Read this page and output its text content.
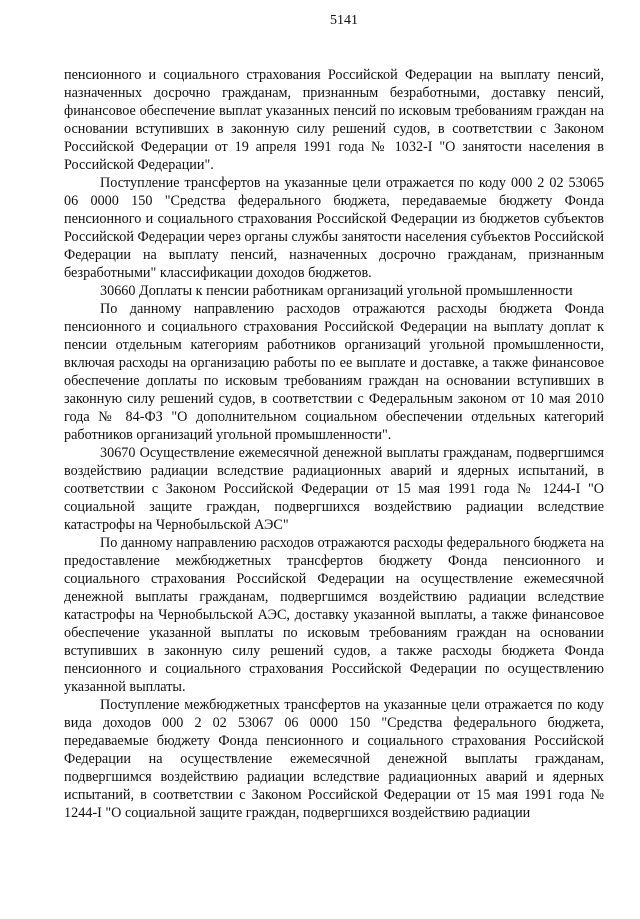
5141

пенсионного и социального страхования Российской Федерации на выплату пенсий, назначенных досрочно гражданам, признанным безработными, доставку пенсий, финансовое обеспечение выплат указанных пенсий по исковым требованиям граждан на основании вступивших в законную силу решений судов, в соответствии с Законом Российской Федерации от 19 апреля 1991 года № 1032-I "О занятости населения в Российской Федерации".

Поступление трансфертов на указанные цели отражается по коду 000 2 02 53065 06 0000 150 "Средства федерального бюджета, передаваемые бюджету Фонда пенсионного и социального страхования Российской Федерации из бюджетов субъектов Российской Федерации через органы службы занятости населения субъектов Российской Федерации на выплату пенсий, назначенных досрочно гражданам, признанным безработными" классификации доходов бюджетов.

30660 Доплаты к пенсии работникам организаций угольной промышленности

По данному направлению расходов отражаются расходы бюджета Фонда пенсионного и социального страхования Российской Федерации на выплату доплат к пенсии отдельным категориям работников организаций угольной промышленности, включая расходы на организацию работы по ее выплате и доставке, а также финансовое обеспечение доплаты по исковым требованиям граждан на основании вступивших в законную силу решений судов, в соответствии с Федеральным законом от 10 мая 2010 года № 84-ФЗ "О дополнительном социальном обеспечении отдельных категорий работников организаций угольной промышленности".

30670 Осуществление ежемесячной денежной выплаты гражданам, подвергшимся воздействию радиации вследствие радиационных аварий и ядерных испытаний, в соответствии с Законом Российской Федерации от 15 мая 1991 года № 1244-I "О социальной защите граждан, подвергшихся воздействию радиации вследствие катастрофы на Чернобыльской АЭС"

По данному направлению расходов отражаются расходы федерального бюджета на предоставление межбюджетных трансфертов бюджету Фонда пенсионного и социального страхования Российской Федерации на осуществление ежемесячной денежной выплаты гражданам, подвергшимся воздействию радиации вследствие катастрофы на Чернобыльской АЭС, доставку указанной выплаты, а также финансовое обеспечение указанной выплаты по исковым требованиям граждан на основании вступивших в законную силу решений судов, а также расходы бюджета Фонда пенсионного и социального страхования Российской Федерации по осуществлению указанной выплаты.

Поступление межбюджетных трансфертов на указанные цели отражается по коду вида доходов 000 2 02 53067 06 0000 150 "Средства федерального бюджета, передаваемые бюджету Фонда пенсионного и социального страхования Российской Федерации на осуществление ежемесячной денежной выплаты гражданам, подвергшимся воздействию радиации вследствие радиационных аварий и ядерных испытаний, в соответствии с Законом Российской Федерации от 15 мая 1991 года № 1244-I "О социальной защите граждан, подвергшихся воздействию радиации
